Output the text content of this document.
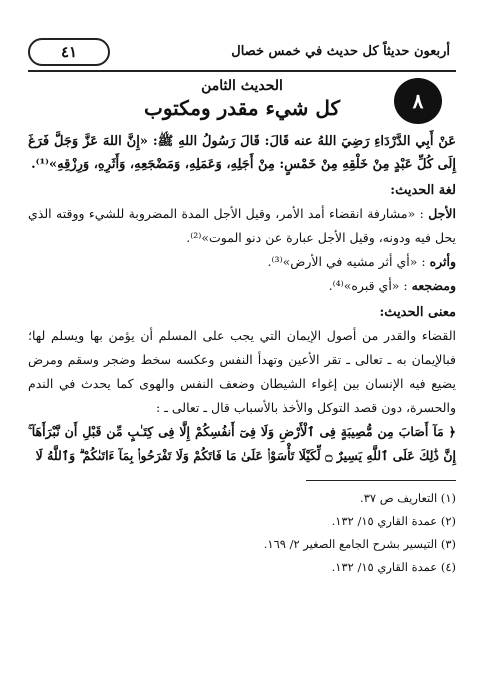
أربعون حديثاً كل حديث في خمس خصال
٤١
٨
الحديث الثامن
كل شيء مقدر ومكتوب

عَنْ أَبِي الدَّرْدَاءِ رَضِيَ اللهُ عنه قَالَ: قَالَ رَسُولُ اللهِ ﷺ: «إِنَّ اللهَ عَزَّ وَجَلَّ فَرَغَ إِلَى كُلِّ عَبْدٍ مِنْ خَلْقِهِ مِنْ خَمْسٍ: مِنْ أَجَلِهِ، وَعَمَلِهِ، وَمَضْجَعِهِ، وَأَثَرِهِ، وَرِزْقِهِ»⁽¹⁾.

لغة الحديث:

الأجل : «مشارفة انقضاء أمد الأمر، وقيل الأجل المدة المضروبة للشيء ووقته الذي يحل فيه ودونه، وقيل الأجل عبارة عن دنو الموت»⁽²⁾.

وأثره : «أي أثر مشيه في الأرض»⁽³⁾.

ومضجعه : «أي قبره»⁽⁴⁾.

معنى الحديث:

القضاء والقدر من أصول الإيمان التي يجب على المسلم أن يؤمن بها ويسلم لها؛ فبالإيمان به ـ تعالى ـ تقر الأعين وتهدأ النفس وعكسه سخط وضجر وسقم ومرض يضيع فيه الإنسان بين إغواء الشيطان وضعف النفس والهوى كما يحدث في الندم والحسرة، دون قصد التوكل والأخذ بالأسباب قال ـ تعالى ـ :

﴿ مَآ أَصَابَ مِن مُّصِيبَةٍ فِى ٱلْأَرْضِ وَلَا فِىٓ أَنفُسِكُمْ إِلَّا فِى كِتَـٰبٍ مِّن قَبْلِ أَن نَّبْرَأَهَآ ۚ إِنَّ ذَٰلِكَ عَلَى ٱللَّهِ يَسِيرٌ ۝ لِّكَيْلَا تَأْسَوْا۟ عَلَىٰ مَا فَاتَكُمْ وَلَا تَفْرَحُوا۟ بِمَآ ءَاتَىٰكُمْ ۗ وَٱللَّهُ لَا

(١) التعاريف ص ٣٧.
(٢) عمدة القاري ١٥/ ١٣٢.
(٣) التيسير بشرح الجامع الصغير ٢/ ١٦٩.
(٤) عمدة القاري ١٥/ ١٣٢.
